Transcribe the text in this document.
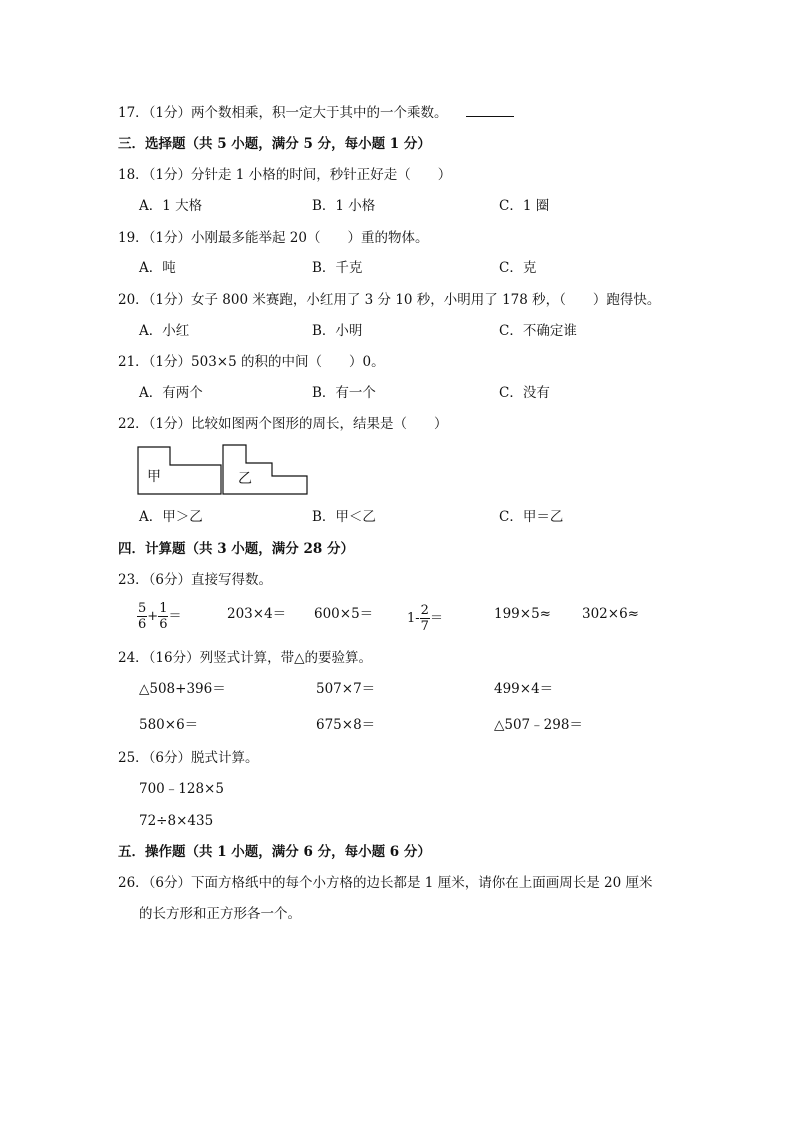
17．（1分）两个数相乘，积一定大于其中的一个乘数。
三．选择题（共 5 小题，满分 5 分，每小题 1 分）
18．（1分）分针走 1 小格的时间，秒针正好走（　　）
A．1 大格	B．1 小格	C．1 圈
19．（1分）小刚最多能举起 20（　　）重的物体。
A．吨	B．千克	C．克
20．（1分）女子 800 米赛跑，小红用了 3 分 10 秒，小明用了 178 秒，（　　）跑得快。
A．小红	B．小明	C．不确定谁
21．（1分）503×5 的积的中间（　　）0。
A．有两个	B．有一个	C．没有
22．（1分）比较如图两个图形的周长，结果是（　　）
甲	乙
A．甲＞乙	B．甲＜乙	C．甲＝乙
四．计算题（共 3 小题，满分 28 分）
23．（6分）直接写得数。
$\frac{5}{6} + \frac{1}{6}$ ＝	203×4＝ 600×5＝	$1- \frac{2}{7}$ ＝	199×5≈ 302×6≈
24．（16分）列竖式计算，带△的要验算。
△508+396＝	507×7＝	499×4＝
580×6＝	675×8＝	△507﹣298＝
25．（6分）脱式计算。
700﹣128×5
72÷8×435
五．操作题（共 1 小题，满分 6 分，每小题 6 分）
26．（6分）下面方格纸中的每个小方格的边长都是 1 厘米，请你在上面画周长是 20 厘米
的长方形和正方形各一个。
